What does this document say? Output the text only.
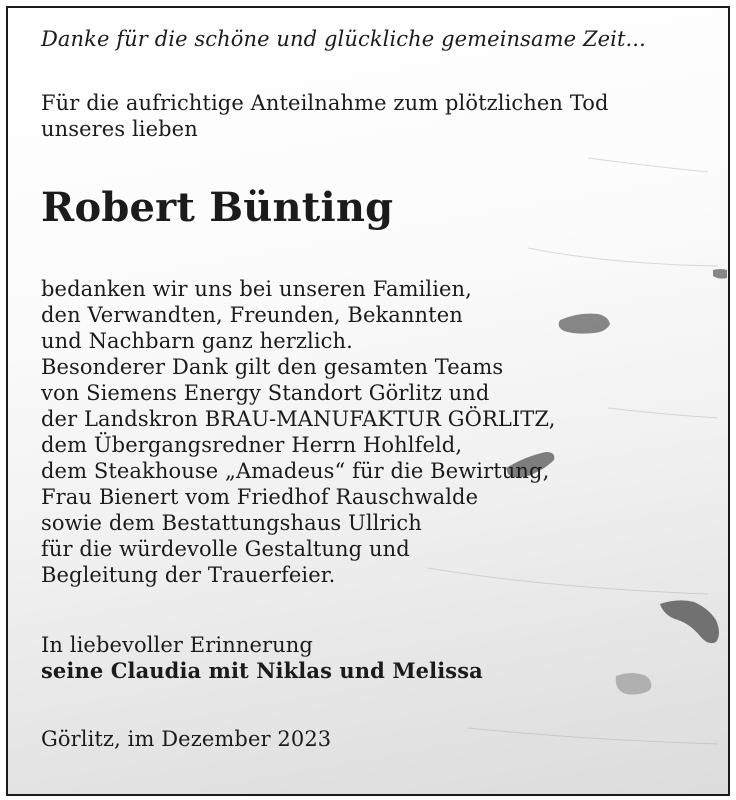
Danke für die schöne und glückliche gemeinsame Zeit...

Für die aufrichtige Anteilnahme zum plötzlichen Tod

unseres lieben

Robert Bünting

bedanken wir uns bei unseren Familien,

den Verwandten, Freunden, Bekannten

und Nachbarn ganz herzlich.

Besonderer Dank gilt den gesamten Teams

von Siemens Energy Standort Görlitz und

der Landskron BRAU-MANUFAKTUR GÖRLITZ,

dem Übergangsredner Herrn Hohlfeld,

dem Steakhouse „Amadeus“ für die Bewirtung,

Frau Bienert vom Friedhof Rauschwalde

sowie dem Bestattungshaus Ullrich

für die würdevolle Gestaltung und

Begleitung der Trauerfeier.

In liebevoller Erinnerung

seine Claudia mit Niklas und Melissa

Görlitz, im Dezember 2023
